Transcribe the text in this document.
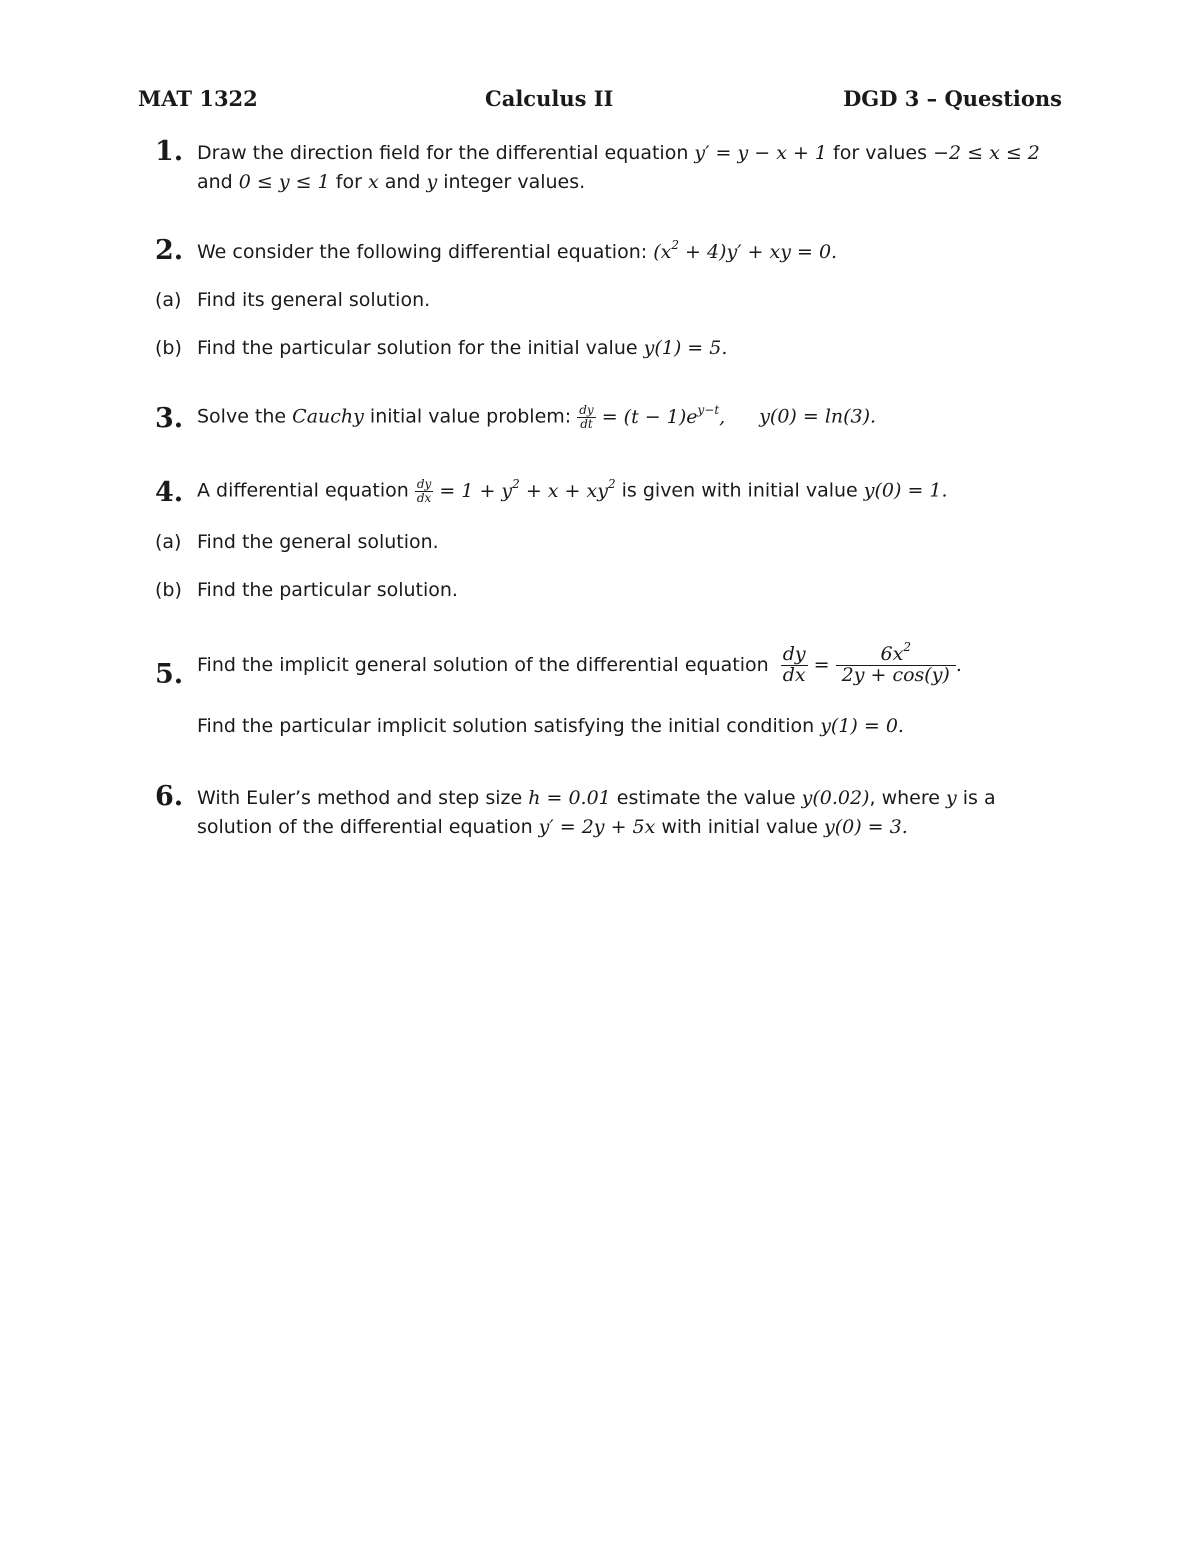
MAT 1322	Calculus II	DGD 3 – Questions
1. Draw the direction field for the differential equation y′ = y − x + 1 for values −2 ≤ x ≤ 2
and 0 ≤ y ≤ 1 for x and y integer values.
2. We consider the following differential equation: $(x^2 + 4)y'$ + xy = 0.
(a) Find its general solution.
(b) Find the particular solution for the initial value y(1) = 5.
3. Solve the Cauchy initial value problem: $\frac{dy}{dt} = (t - 1)e^{y-t}$, y(0) = ln(3).
4. A differential equation $\frac{dy}{dx} = 1 + y^2 + x + xy^2$ is given with initial value y(0) = 1.
(a) Find the general solution.
(b) Find the particular solution.
5. Find the implicit general solution of the differential equation $\frac{dy}{dx} = \frac{6x^2}{2y + \cos(y)}$ .
Find the particular implicit solution satisfying the initial condition y(1) = 0.
6. With Euler’s method and step size h = 0.01 estimate the value y(0.02), where y is a
solution of the differential equation y′ = 2y + 5x with initial value y(0) = 3.
